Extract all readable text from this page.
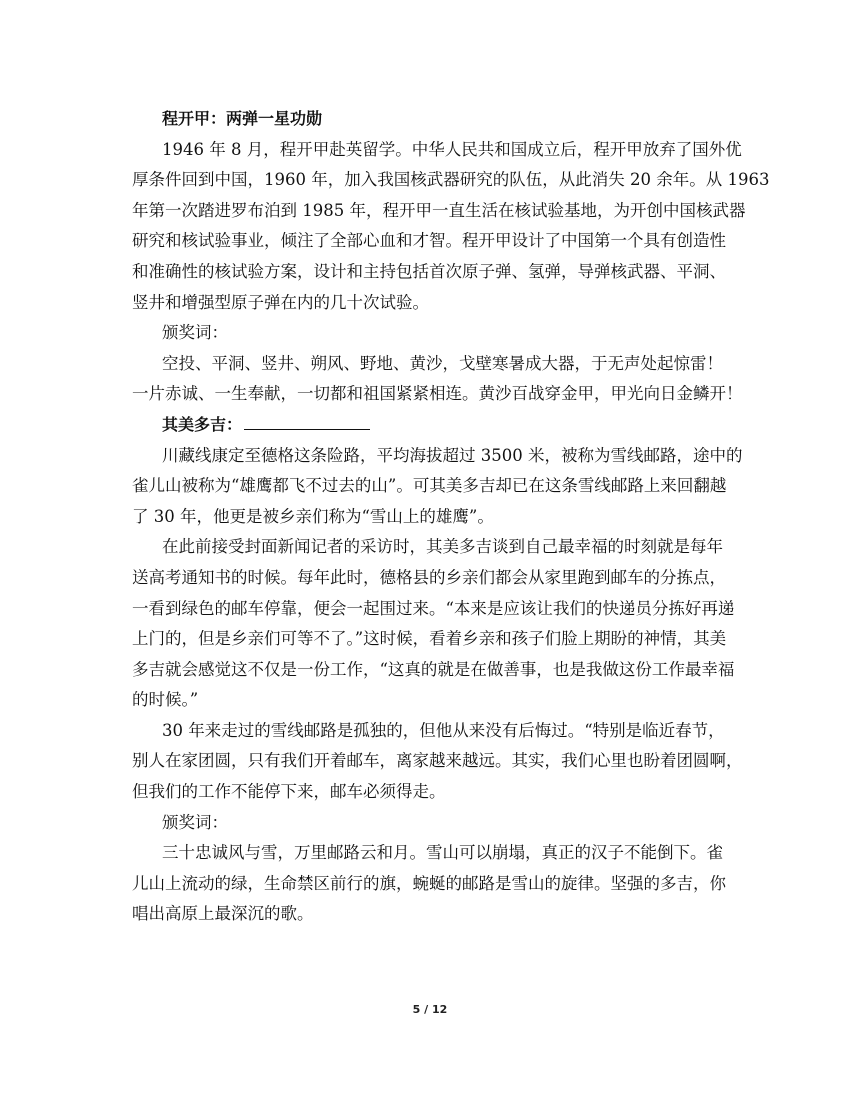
程开甲：两弹一星功勋

1946 年 8 月，程开甲赴英留学。中华人民共和国成立后，程开甲放弃了国外优

厚条件回到中国，1960 年，加入我国核武器研究的队伍，从此消失 20 余年。从 1963

年第一次踏进罗布泊到 1985 年，程开甲一直生活在核试验基地，为开创中国核武器

研究和核试验事业，倾注了全部心血和才智。程开甲设计了中国第一个具有创造性

和准确性的核试验方案，设计和主持包括首次原子弹、氢弹，导弹核武器、平洞、

竖井和增强型原子弹在内的几十次试验。

颁奖词：

空投、平洞、竖井、朔风、野地、黄沙，戈壁寒暑成大器，于无声处起惊雷！

一片赤诚、一生奉献，一切都和祖国紧紧相连。黄沙百战穿金甲，甲光向日金鳞开！

其美多吉：

川藏线康定至德格这条险路，平均海拔超过 3500 米，被称为雪线邮路，途中的

雀儿山被称为“雄鹰都飞不过去的山”。可其美多吉却已在这条雪线邮路上来回翻越

了 30 年，他更是被乡亲们称为“雪山上的雄鹰”。

在此前接受封面新闻记者的采访时，其美多吉谈到自己最幸福的时刻就是每年

送高考通知书的时候。每年此时，德格县的乡亲们都会从家里跑到邮车的分拣点，

一看到绿色的邮车停靠，便会一起围过来。“本来是应该让我们的快递员分拣好再递

上门的，但是乡亲们可等不了。”这时候，看着乡亲和孩子们脸上期盼的神情，其美

多吉就会感觉这不仅是一份工作，“这真的就是在做善事，也是我做这份工作最幸福

的时候。”

30 年来走过的雪线邮路是孤独的，但他从来没有后悔过。“特别是临近春节，

别人在家团圆，只有我们开着邮车，离家越来越远。其实，我们心里也盼着团圆啊，

但我们的工作不能停下来，邮车必须得走。

颁奖词：

三十忠诚风与雪，万里邮路云和月。雪山可以崩塌，真正的汉子不能倒下。雀

儿山上流动的绿，生命禁区前行的旗，蜿蜒的邮路是雪山的旋律。坚强的多吉，你

唱出高原上最深沉的歌。

5 / 12
